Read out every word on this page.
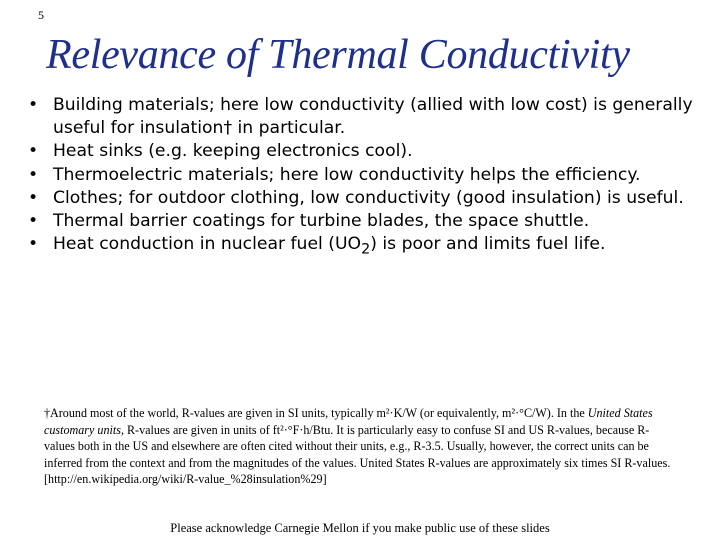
5
Relevance of Thermal Conductivity
• Building materials; here low conductivity (allied with low cost) is generally useful for insulation† in particular.
• Heat sinks (e.g. keeping electronics cool).
• Thermoelectric materials; here low conductivity helps the efficiency.
• Clothes; for outdoor clothing, low conductivity (good insulation) is useful.
• Thermal barrier coatings for turbine blades, the space shuttle.
• Heat conduction in nuclear fuel $(UO_2)$ is poor and limits fuel life.
†Around most of the world, R-values are given in SI units, typically m²·K/W (or equivalently, m²·°C/W). In the United States customary units, R-values are given in units of ft²·°F·h/Btu. It is particularly easy to confuse SI and US R-values, because R-values both in the US and elsewhere are often cited without their units, e.g., R-3.5. Usually, however, the correct units can be inferred from the context and from the magnitudes of the values. United States R-values are approximately six times SI R-values. [http://en.wikipedia.org/wiki/R-value_%28insulation%29]
Please acknowledge Carnegie Mellon if you make public use of these slides
